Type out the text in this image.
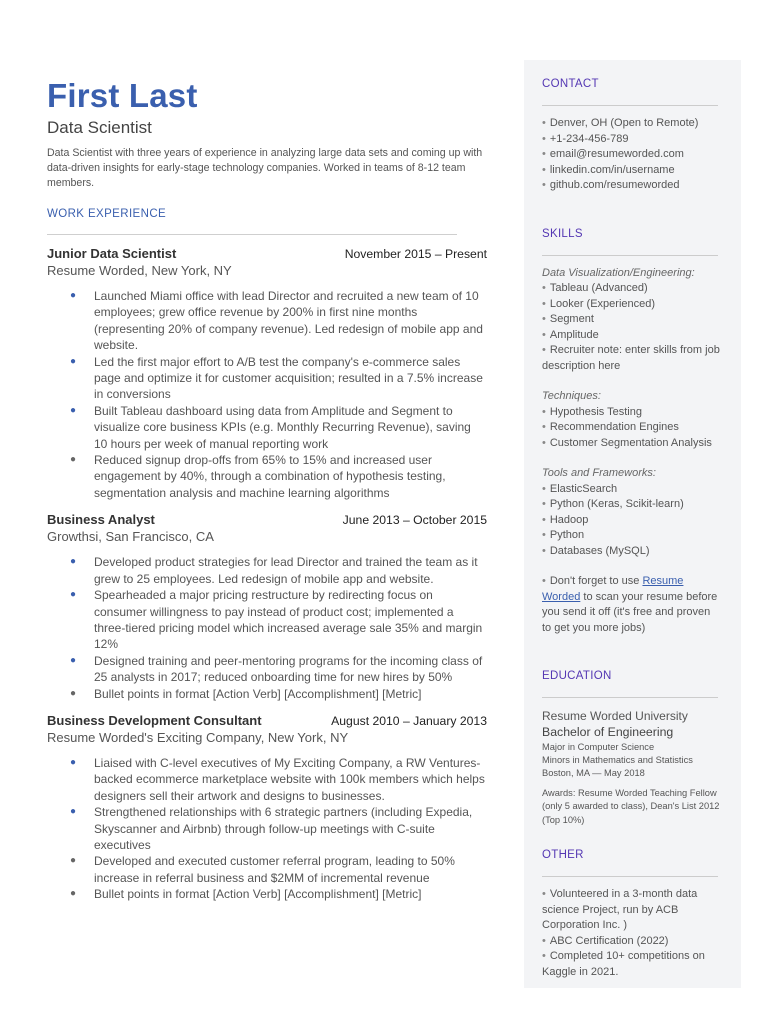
First Last
Data Scientist
Data Scientist with three years of experience in analyzing large data sets and coming up with data-driven insights for early-stage technology companies. Worked in teams of 8-12 team members.
WORK EXPERIENCE
Junior Data Scientist	November 2015 – Present
Resume Worded, New York, NY
● Launched Miami office with lead Director and recruited a new team of 10 employees; grew office revenue by 200% in first nine months (representing 20% of company revenue). Led redesign of mobile app and website.
● Led the first major effort to A/B test the company's e-commerce sales page and optimize it for customer acquisition; resulted in a 7.5% increase in conversions
● Built Tableau dashboard using data from Amplitude and Segment to visualize core business KPIs (e.g. Monthly Recurring Revenue), saving 10 hours per week of manual reporting work
● Reduced signup drop-offs from 65% to 15% and increased user engagement by 40%, through a combination of hypothesis testing, segmentation analysis and machine learning algorithms
Business Analyst	June 2013 – October 2015
Growthsi, San Francisco, CA
● Developed product strategies for lead Director and trained the team as it grew to 25 employees. Led redesign of mobile app and website.
● Spearheaded a major pricing restructure by redirecting focus on consumer willingness to pay instead of product cost; implemented a three-tiered pricing model which increased average sale 35% and margin 12%
● Designed training and peer-mentoring programs for the incoming class of 25 analysts in 2017; reduced onboarding time for new hires by 50%
● Bullet points in format [Action Verb] [Accomplishment] [Metric]
Business Development Consultant	August 2010 – January 2013
Resume Worded's Exciting Company, New York, NY
● Liaised with C-level executives of My Exciting Company, a RW Ventures-backed ecommerce marketplace website with 100k members which helps designers sell their artwork and designs to businesses.
● Strengthened relationships with 6 strategic partners (including Expedia, Skyscanner and Airbnb) through follow-up meetings with C-suite executives
● Developed and executed customer referral program, leading to 50% increase in referral business and $2MM of incremental revenue
● Bullet points in format [Action Verb] [Accomplishment] [Metric]
CONTACT
• Denver, OH (Open to Remote)
• +1-234-456-789
• email@resumeworded.com
• linkedin.com/in/username
• github.com/resumeworded
SKILLS
Data Visualization/Engineering:
• Tableau (Advanced)
• Looker (Experienced)
• Segment
• Amplitude
• Recruiter note: enter skills from job description here
Techniques:
• Hypothesis Testing
• Recommendation Engines
• Customer Segmentation Analysis
Tools and Frameworks:
• ElasticSearch
• Python (Keras, Scikit-learn)
• Hadoop
• Python
• Databases (MySQL)
• Don't forget to use Resume Worded to scan your resume before you send it off (it's free and proven to get you more jobs)
EDUCATION
Resume Worded University
Bachelor of Engineering
Major in Computer Science
Minors in Mathematics and Statistics
Boston, MA — May 2018
Awards: Resume Worded Teaching Fellow (only 5 awarded to class), Dean's List 2012 (Top 10%)
OTHER
• Volunteered in a 3-month data science Project, run by ACB Corporation Inc. )
• ABC Certification (2022)
• Completed 10+ competitions on Kaggle in 2021.
